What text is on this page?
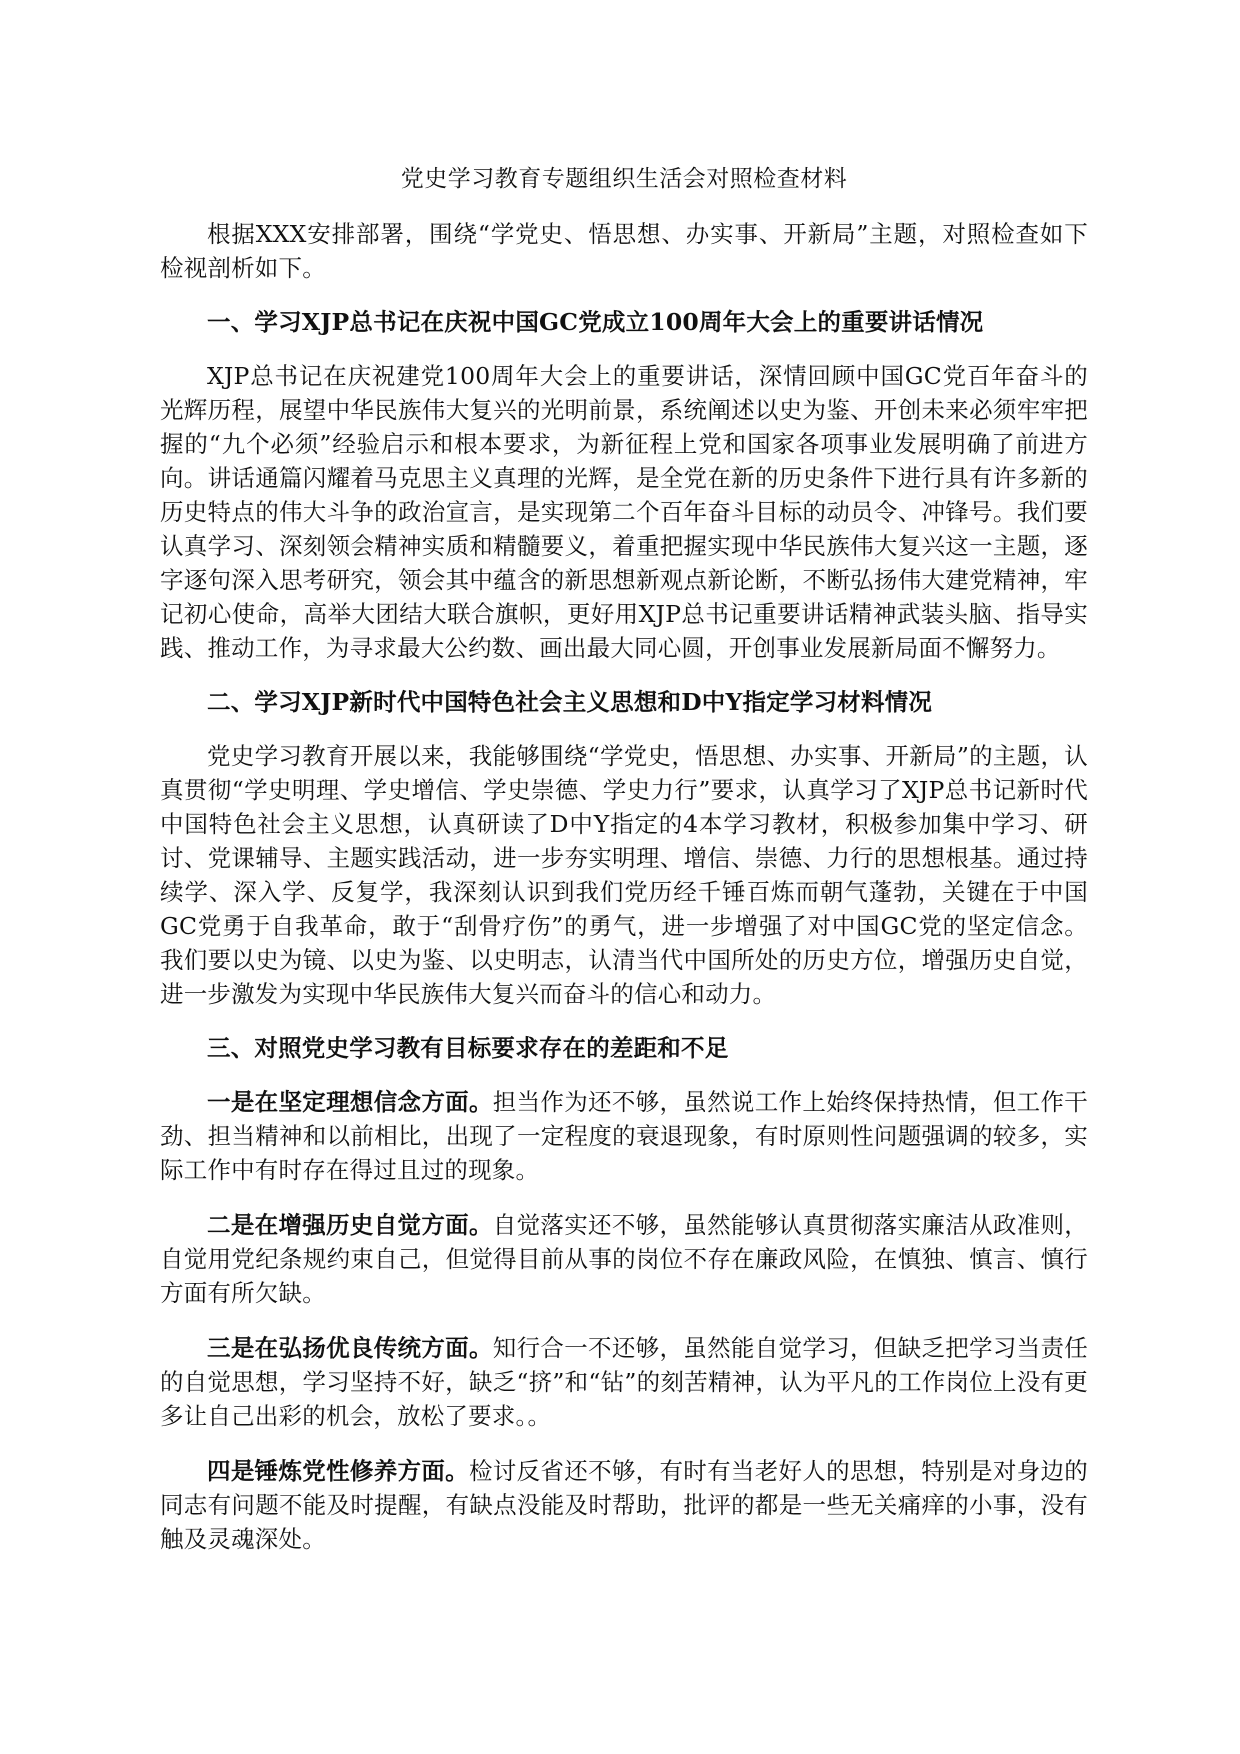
党史学习教育专题组织生活会对照检查材料

根据XXX安排部署，围绕“学党史、悟思想、办实事、开新局”主题，对照检查如下检视剖析如下。

一、学习XJP总书记在庆祝中国GC党成立100周年大会上的重要讲话情况

XJP总书记在庆祝建党100周年大会上的重要讲话，深情回顾中国GC党百年奋斗的光辉历程，展望中华民族伟大复兴的光明前景，系统阐述以史为鉴、开创未来必须牢牢把握的“九个必须”经验启示和根本要求，为新征程上党和国家各项事业发展明确了前进方向。讲话通篇闪耀着马克思主义真理的光辉，是全党在新的历史条件下进行具有许多新的历史特点的伟大斗争的政治宣言，是实现第二个百年奋斗目标的动员令、冲锋号。我们要认真学习、深刻领会精神实质和精髓要义，着重把握实现中华民族伟大复兴这一主题，逐字逐句深入思考研究，领会其中蕴含的新思想新观点新论断，不断弘扬伟大建党精神，牢记初心使命，高举大团结大联合旗帜，更好用XJP总书记重要讲话精神武装头脑、指导实践、推动工作，为寻求最大公约数、画出最大同心圆，开创事业发展新局面不懈努力。

二、学习XJP新时代中国特色社会主义思想和D中Y指定学习材料情况

党史学习教育开展以来，我能够围绕“学党史，悟思想、办实事、开新局”的主题，认真贯彻“学史明理、学史增信、学史崇德、学史力行”要求，认真学习了XJP总书记新时代中国特色社会主义思想，认真研读了D中Y指定的4本学习教材，积极参加集中学习、研讨、党课辅导、主题实践活动，进一步夯实明理、增信、崇德、力行的思想根基。通过持续学、深入学、反复学，我深刻认识到我们党历经千锤百炼而朝气蓬勃，关键在于中国GC党勇于自我革命，敢于“刮骨疗伤”的勇气，进一步增强了对中国GC党的坚定信念。我们要以史为镜、以史为鉴、以史明志，认清当代中国所处的历史方位，增强历史自觉，进一步激发为实现中华民族伟大复兴而奋斗的信心和动力。

三、对照党史学习教有目标要求存在的差距和不足

一是在坚定理想信念方面。担当作为还不够，虽然说工作上始终保持热情，但工作干劲、担当精神和以前相比，出现了一定程度的衰退现象，有时原则性问题强调的较多，实际工作中有时存在得过且过的现象。

二是在增强历史自觉方面。自觉落实还不够，虽然能够认真贯彻落实廉洁从政准则，自觉用党纪条规约束自己，但觉得目前从事的岗位不存在廉政风险，在慎独、慎言、慎行方面有所欠缺。

三是在弘扬优良传统方面。知行合一不还够，虽然能自觉学习，但缺乏把学习当责任的自觉思想，学习坚持不好，缺乏“挤”和“钻”的刻苦精神，认为平凡的工作岗位上没有更多让自己出彩的机会，放松了要求。。

四是锤炼党性修养方面。检讨反省还不够，有时有当老好人的思想，特别是对身边的同志有问题不能及时提醒，有缺点没能及时帮助，批评的都是一些无关痛痒的小事，没有触及灵魂深处。
